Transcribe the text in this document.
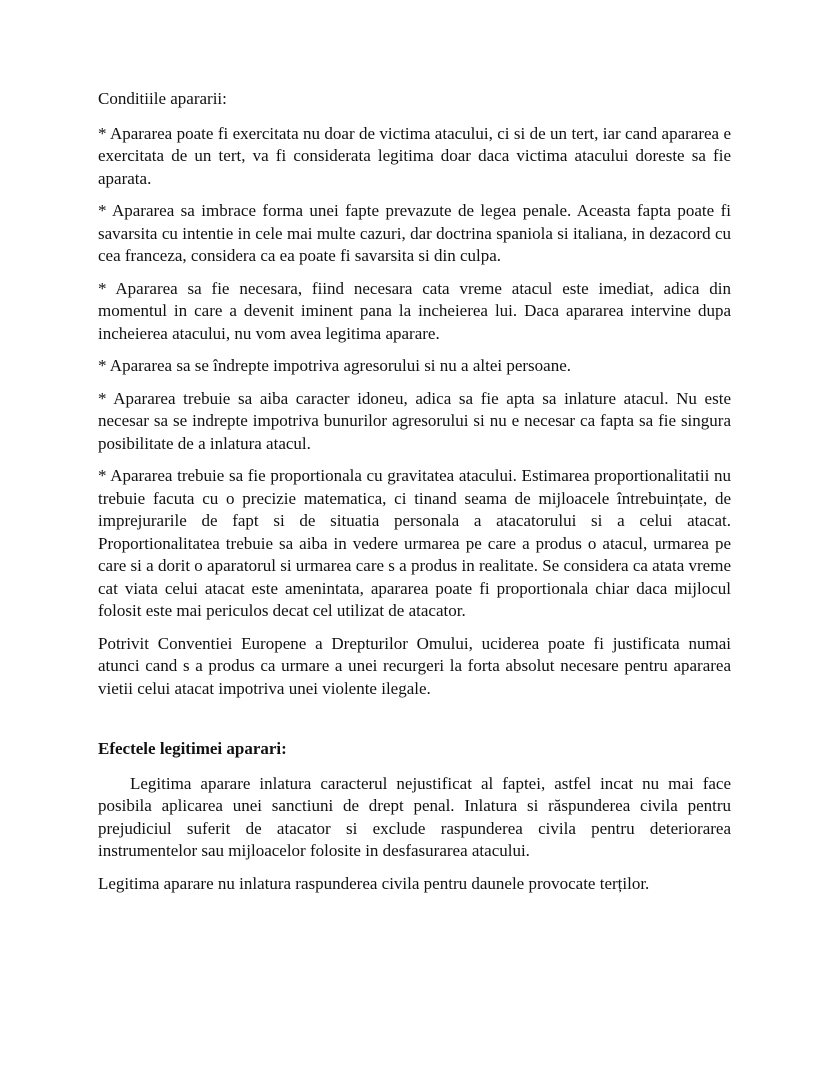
Conditiile apararii:

* Apararea poate fi exercitata nu doar de victima atacului, ci si de un tert, iar cand apararea e exercitata de un tert, va fi considerata legitima doar daca victima atacului doreste sa fie aparata.

* Apararea sa imbrace forma unei fapte prevazute de legea penale. Aceasta fapta poate fi savarsita cu intentie in cele mai multe cazuri, dar doctrina spaniola si italiana, in dezacord cu cea franceza, considera ca ea poate fi savarsita si din culpa.

* Apararea sa fie necesara, fiind necesara cata vreme atacul este imediat, adica din momentul in care a devenit iminent pana la incheierea lui. Daca apararea intervine dupa incheierea atacului, nu vom avea legitima aparare.

* Apararea sa se îndrepte impotriva agresorului si nu a altei persoane.

* Apararea trebuie sa aiba caracter idoneu, adica sa fie apta sa inlature atacul. Nu este necesar sa se indrepte impotriva bunurilor agresorului si nu e necesar ca fapta sa fie singura posibilitate de a inlatura atacul.

* Apararea trebuie sa fie proportionala cu gravitatea atacului. Estimarea proportionalitatii nu trebuie facuta cu o precizie matematica, ci tinand seama de mijloacele întrebuințate, de imprejurarile de fapt si de situatia personala a atacatorului si a celui atacat. Proportionalitatea trebuie sa aiba in vedere urmarea pe care a produs o atacul, urmarea pe care si a dorit o aparatorul si urmarea care s a produs in realitate. Se considera ca atata vreme cat viata celui atacat este amenintata, apararea poate fi proportionala chiar daca mijlocul folosit este mai periculos decat cel utilizat de atacator.

Potrivit Conventiei Europene a Drepturilor Omului, uciderea poate fi justificata numai atunci cand s a produs ca urmare a unei recurgeri la forta absolut necesare pentru apararea vietii celui atacat impotriva unei violente ilegale.

Efectele legitimei aparari:

Legitima aparare inlatura caracterul nejustificat al faptei, astfel incat nu mai face posibila aplicarea unei sanctiuni de drept penal. Inlatura si răspunderea civila pentru prejudiciul suferit de atacator si exclude raspunderea civila pentru deteriorarea instrumentelor sau mijloacelor folosite in desfasurarea atacului.

Legitima aparare nu inlatura raspunderea civila pentru daunele provocate terților.
